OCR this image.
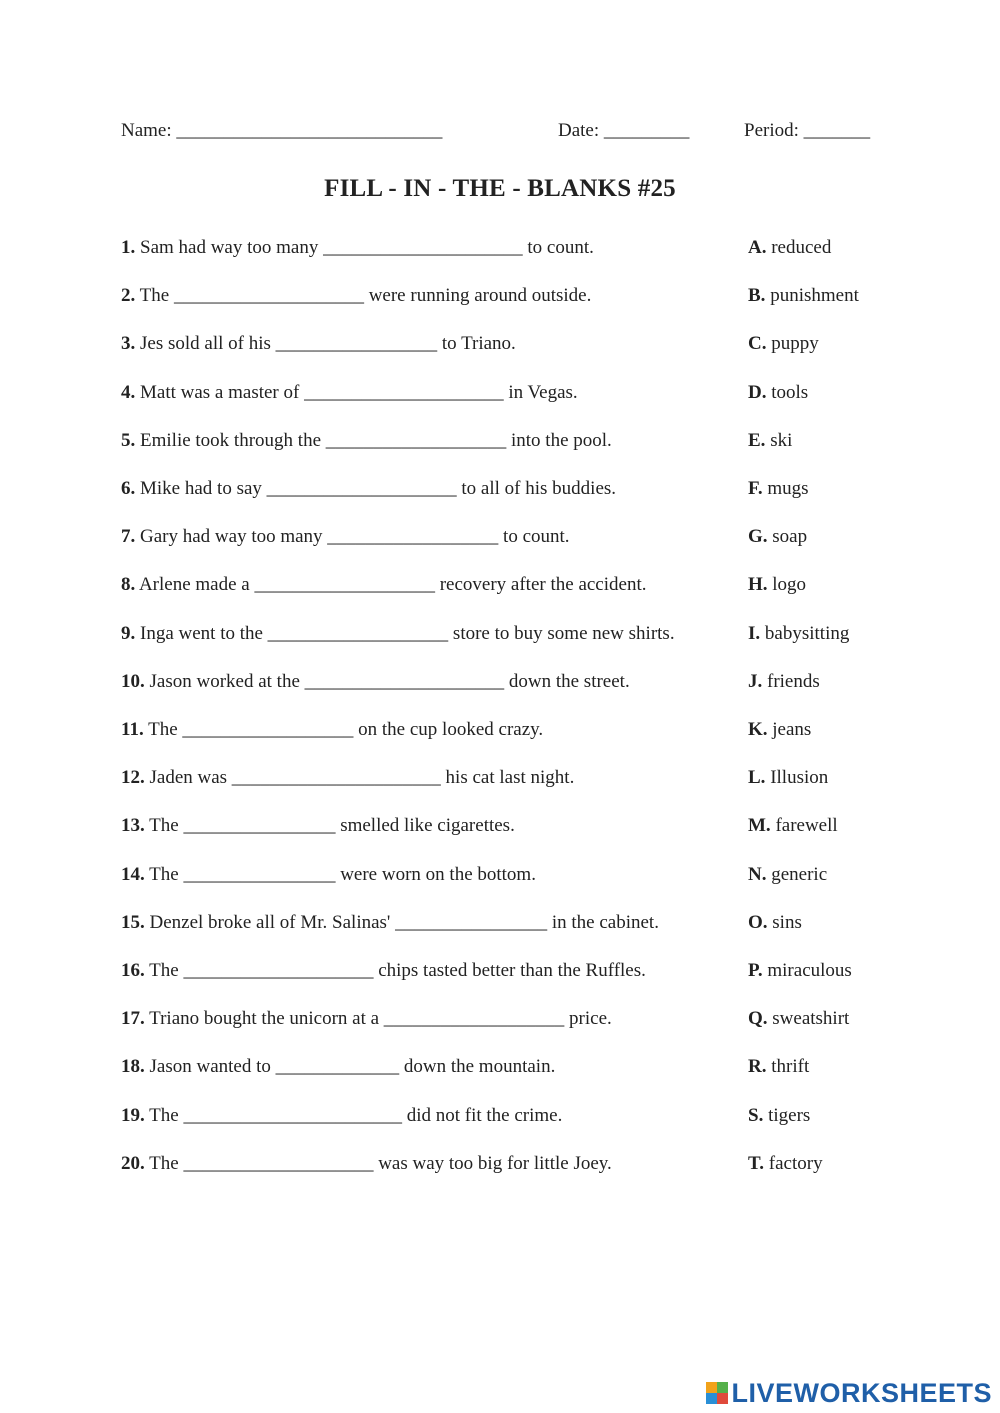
Name: ____________________________	Date: _________	Period: _______
FILL - IN - THE - BLANKS #25
1. Sam had way too many _____________________ to count.
2. The ____________________ were running around outside.
3. Jes sold all of his _________________ to Triano.
4. Matt was a master of _____________________ in Vegas.
5. Emilie took through the ___________________ into the pool.
6. Mike had to say ____________________ to all of his buddies.
7. Gary had way too many __________________ to count.
8. Arlene made a ___________________ recovery after the accident.
9. Inga went to the ___________________ store to buy some new shirts.
10. Jason worked at the _____________________ down the street.
11. The __________________ on the cup looked crazy.
12. Jaden was ______________________ his cat last night.
13. The ________________ smelled like cigarettes.
14. The ________________ were worn on the bottom.
15. Denzel broke all of Mr. Salinas' ________________ in the cabinet.
16. The ____________________ chips tasted better than the Ruffles.
17. Triano bought the unicorn at a ___________________ price.
18. Jason wanted to _____________ down the mountain.
19. The _______________________ did not fit the crime.
20. The ____________________ was way too big for little Joey.
A. reduced
B. punishment
C. puppy
D. tools
E. ski
F. mugs
G. soap
H. logo
I. babysitting
J. friends
K. jeans
L. Illusion
M. farewell
N. generic
O. sins
P. miraculous
Q. sweatshirt
R. thrift
S. tigers
T. factory
LIVEWORKSHEETS
